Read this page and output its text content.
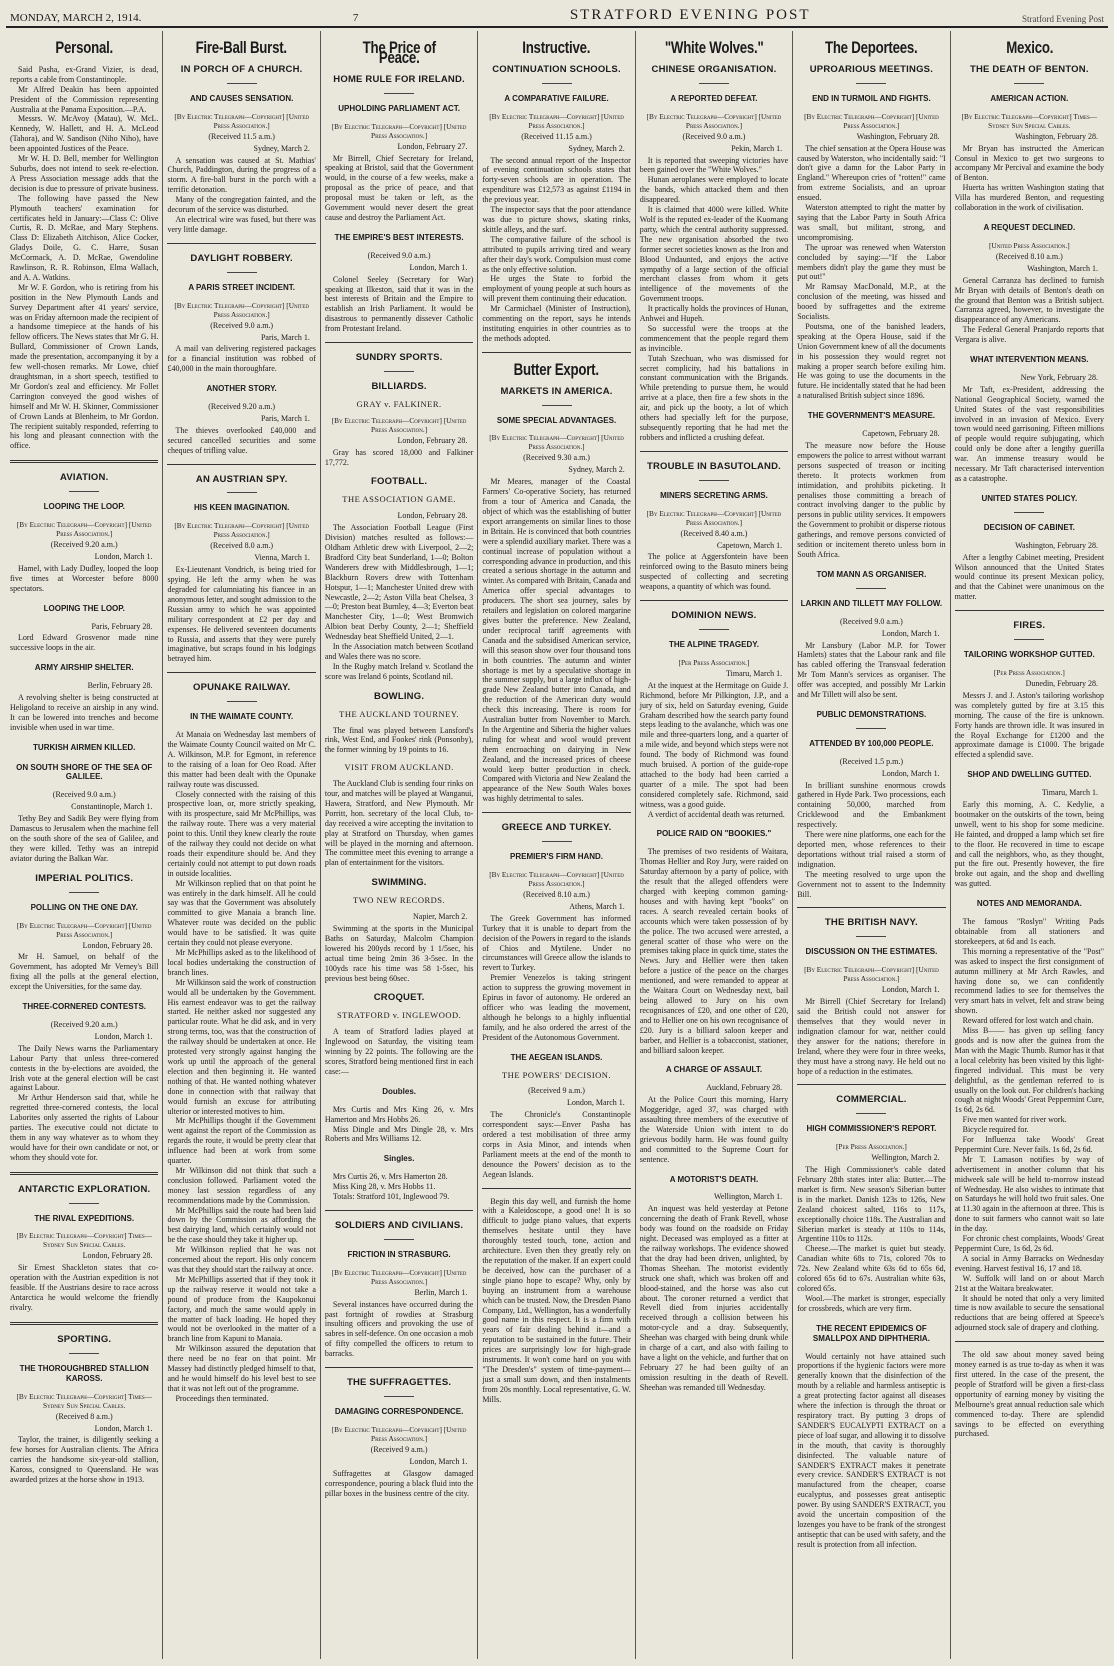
MONDAY, MARCH 2, 1914.	7	STRATFORD EVENING POST	Stratford Evening Post
Personal.

Said Pasha, ex-Grand Vizier, is dead, reports a cable from Constantinople.

Mr Alfred Deakin has been appointed President of the Commission representing Australia at the Panama Exposition.—P.A.

Messrs. W. McAvoy (Matau), W. McL. Kennedy, W. Hallett, and H. A. McLeod (Tahora), and W. Sandison (Niho Niho), have been appointed Justices of the Peace.

Mr W. H. D. Bell, member for Wellington Suburbs, does not intend to seek re-election. A Press Association message adds that the decision is due to pressure of private business.

The following have passed the New Plymouth teachers' examination for certificates held in January:—Class C: Olive Curtis, R. D. McRae, and Mary Stephens. Class D: Elizabeth Aitchison, Alice Cocker, Gladys Doile, G. C. Harre, Susan McCormack, A. D. McRae, Gwendoline Rawlinson, R. R. Robinson, Elma Wallach, and A. A. Watkins.

Mr W. F. Gordon, who is retiring from his position in the New Plymouth Lands and Survey Department after 41 years' service, was on Friday afternoon made the recipient of a handsome timepiece at the hands of his fellow officers. The News states that Mr G. H. Bullard, Commissioner of Crown Lands, made the presentation, accompanying it by a few well-chosen remarks. Mr Lowe, chief draughtsman, in a short speech, testified to Mr Gordon's zeal and efficiency. Mr Follet Carrington conveyed the good wishes of himself and Mr W. H. Skinner, Commissioner of Crown Lands at Blenheim, to Mr Gordon. The recipient suitably responded, referring to his long and pleasant connection with the office.

AVIATION.
LOOPING THE LOOP.
[By Electric Telegraph—Copyright] [United Press Association.]
(Received 9.20 a.m.)
London, March 1.

Hamel, with Lady Dudley, looped the loop five times at Worcester before 8000 spectators.

LOOPING THE LOOP.
Paris, February 28.

Lord Edward Grosvenor made nine successive loops in the air.

ARMY AIRSHIP SHELTER.
Berlin, February 28.

A revolving shelter is being constructed at Heligoland to receive an airship in any wind. It can be lowered into trenches and become invisible when used in war time.

TURKISH AIRMEN KILLED.
ON SOUTH SHORE OF THE SEA OF GALILEE.
(Received 9.0 a.m.)
Constantinople, March 1.

Tethy Bey and Sadik Bey were flying from Damascus to Jerusalem when the machine fell on the south shore of the sea of Galilee, and they were killed. Tethy was an intrepid aviator during the Balkan War.

IMPERIAL POLITICS.
POLLING ON THE ONE DAY.
[By Electric Telegraph—Copyright] [United Press Association.]
London, February 28.

Mr H. Samuel, on behalf of the Government, has adopted Mr Verney's Bill fixing all the polls at the general election, except the Universities, for the same day.

THREE-CORNERED CONTESTS.
(Received 9.20 a.m.)
London, March 1.

The Daily News warns the Parliamentary Labour Party that unless three-cornered contests in the by-elections are avoided, the Irish vote at the general election will be cast against Labour.

Mr Arthur Henderson said that, while he regretted three-cornered contests, the local Laborites only asserted the rights of Labour parties. The executive could not dictate to them in any way whatever as to whom they would have for their own candidate or not, or whom they should vote for.

ANTARCTIC EXPLORATION.
THE RIVAL EXPEDITIONS.
[By Electric Telegraph—Copyright] Times—Sydney Sun Special Cables.
London, February 28.

Sir Ernest Shackleton states that co-operation with the Austrian expedition is not feasible. If the Austrians desire to race across Antarctica he would welcome the friendly rivalry.

SPORTING.
THE THOROUGHBRED STALLION KAROSS.
[By Electric Telegraph—Copyright] Times—Sydney Sun Special Cables.
(Received 8 a.m.)
London, March 1.

Taylor, the trainer, is diligently seeking a few horses for Australian clients. The Africa carries the handsome six-year-old stallion, Kaross, consigned to Queensland. He was awarded prizes at the horse show in 1913.

Fire-Ball Burst.
IN PORCH OF A CHURCH.
AND CAUSES SENSATION.
[By Electric Telegraph—Copyright] [United Press Association.]
(Received 11.5 a.m.)
Sydney, March 2.

A sensation was caused at St. Mathias' Church, Paddington, during the progress of a storm. A fire-ball burst in the porch with a terrific detonation.

Many of the congregation fainted, and the decorum of the service was disturbed.

An electrical wire was fused, but there was very little damage.

DAYLIGHT ROBBERY.
A PARIS STREET INCIDENT.
[By Electric Telegraph—Copyright] [United Press Association.]
(Received 9.0 a.m.)
Paris, March 1.

A mail van delivering registered packages for a financial institution was robbed of £40,000 in the main thoroughfare.

ANOTHER STORY.
(Received 9.20 a.m.)
Paris, March 1.

The thieves overlooked £40,000 and secured cancelled securities and some cheques of trifling value.

AN AUSTRIAN SPY.
HIS KEEN IMAGINATION.
[By Electric Telegraph—Copyright] [United Press Association.]
(Received 8.0 a.m.)
Vienna, March 1.

Ex-Lieutenant Vondrich, is being tried for spying. He left the army when he was degraded for calumniating his fiancee in an anonymous letter, and sought admission to the Russian army to which he was appointed military correspondent at £2 per day and expenses. He delivered seventeen documents to Russia, and asserts that they were purely imaginative, but scraps found in his lodgings betrayed him.

OPUNAKE RAILWAY.
IN THE WAIMATE COUNTY.

At Manaia on Wednesday last members of the Waimate County Council waited on Mr C. A. Wilkinson, M.P. for Egmont, in reference to the raising of a loan for Oeo Road. After this matter had been dealt with the Opunake railway route was discussed.

Closely connected with the raising of this prospective loan, or, more strictly speaking, with its prospecture, said Mr McPhillips, was the railway route. There was a very material point to this. Until they knew clearly the route of the railway they could not decide on what roads their expenditure should be. And they certainly could not attempt to put down roads in outside localities.

Mr Wilkinson replied that on that point he was entirely in the dark himself. All he could say was that the Government was absolutely committed to give Manaia a branch line. Whatever route was decided on the public would have to be satisfied. It was quite certain they could not please everyone.

Mr McPhillips asked as to the likelihood of local bodies undertaking the construction of branch lines.

Mr Wilkinson said the work of construction would all be undertaken by the Government. His earnest endeavor was to get the railway started. He neither asked nor suggested any particular route. What he did ask, and in very strong terms, too, was that the construction of the railway should be undertaken at once. He protested very strongly against hanging the work up until the approach of the general election and then beginning it. He wanted nothing of that. He wanted nothing whatever done in connection with that railway that would furnish an excuse for attributing ulterior or interested motives to him.

Mr McPhillips thought if the Government went against the report of the Commission as regards the route, it would be pretty clear that influence had been at work from some quarter.

Mr Wilkinson did not think that such a conclusion followed. Parliament voted the money last session regardless of any recommendations made by the Commission.

Mr McPhillips said the route had been laid down by the Commission as affording the best dairying land, which certainly would not be the case should they take it higher up.

Mr Wilkinson replied that he was not concerned about the report. His only concern was that they should start the railway at once.

Mr McPhillips asserted that if they took it up the railway reserve it would not take a pound of produce from the Kaupokonui factory, and much the same would apply in the matter of back loading. He hoped they would not be overlooked in the matter of a branch line from Kapuni to Manaia.

Mr Wilkinson assured the deputation that there need be no fear on that point. Mr Massey had distinctly pledged himself to that, and he would himself do his level best to see that it was not left out of the programme.

Proceedings then terminated.

The Price of Peace.
HOME RULE FOR IRELAND.
UPHOLDING PARLIAMENT ACT.
[By Electric Telegraph—Copyright] [United Press Association.]
London, February 27.

Mr Birrell, Chief Secretary for Ireland, speaking at Bristol, said that the Government would, in the course of a few weeks, make a proposal as the price of peace, and that proposal must be taken or left, as the Government would never desert the great cause and destroy the Parliament Act.

THE EMPIRE'S BEST INTERESTS.
(Received 9.0 a.m.)
London, March 1.

Colonel Seeley (Secretary for War) speaking at Ilkeston, said that it was in the best interests of Britain and the Empire to establish an Irish Parliament. It would be disastrous to permanently dissever Catholic from Protestant Ireland.

SUNDRY SPORTS.
BILLIARDS.
GRAY v. FALKINER.
[By Electric Telegraph—Copyright] [United Press Association.]
London, February 28.

Gray has scored 18,000 and Falkiner 17,772.

FOOTBALL.
THE ASSOCIATION GAME.
London, February 28.

The Association Football League (First Division) matches resulted as follows:—Oldham Athletic drew with Liverpool, 2—2; Bradford City beat Sunderland, 1—0; Bolton Wanderers drew with Middlesbrough, 1—1; Blackburn Rovers drew with Tottenham Hotspur, 1—1; Manchester United drew with Newcastle, 2—2; Aston Villa beat Chelsea, 3—0; Preston beat Burnley, 4—3; Everton beat Manchester City, 1—0; West Bromwich Albion beat Derby County, 2—1; Sheffield Wednesday beat Sheffield United, 2—1.

In the Association match between Scotland and Wales there was no score.

In the Rugby match Ireland v. Scotland the score was Ireland 6 points, Scotland nil.

BOWLING.
THE AUCKLAND TOURNEY.

The final was played between Lansford's rink, West End, and Fookes' rink (Ponsonby), the former winning by 19 points to 16.

VISIT FROM AUCKLAND.

The Auckland Club is sending four rinks on tour, and matches will be played at Wanganui, Hawera, Stratford, and New Plymouth. Mr Porritt, hon. secretary of the local Club, to-day received a wire accepting the invitation to play at Stratford on Thursday, when games will be played in the morning and afternoon. The committee meet this evening to arrange a plan of entertainment for the visitors.

SWIMMING.
TWO NEW RECORDS.
Napier, March 2.

Swimming at the sports in the Municipal Baths on Saturday, Malcolm Champion lowered his 200yds record by 1 1/5sec, his actual time being 2min 36 3-5sec. In the 100yds race his time was 58 1-5sec, his previous best being 60sec.

CROQUET.
STRATFORD v. INGLEWOOD.

A team of Stratford ladies played at Inglewood on Saturday, the visiting team winning by 22 points. The following are the scores, Stratford being mentioned first in each case:—

Doubles.

Mrs Curtis and Mrs King 26, v. Mrs Hamerton and Mrs Hobbs 26.

Miss Dingle and Mrs Dingle 28, v. Mrs Roberts and Mrs Williams 12.

Singles.

Mrs Curtis 26, v. Mrs Hamerton 28.

Miss King 28, v. Mrs Hobbs 11.

Totals: Stratford 101, Inglewood 79.

SOLDIERS AND CIVILIANS.
FRICTION IN STRASBURG.
[By Electric Telegraph—Copyright] [United Press Association.]
Berlin, March 1.

Several instances have occurred during the past fortnight of rowdies at Strasburg insulting officers and provoking the use of sabres in self-defence. On one occasion a mob of fifty compelled the officers to return to barracks.

THE SUFFRAGETTES.
DAMAGING CORRESPONDENCE.
[By Electric Telegraph—Copyright] [United Press Association.]
(Received 9 a.m.)
London, March 1.

Suffragettes at Glasgow damaged correspondence, pouring a black fluid into the pillar boxes in the business centre of the city.

Instructive.
CONTINUATION SCHOOLS.
A COMPARATIVE FAILURE.
[By Electric Telegraph—Copyright] [United Press Association.]
(Received 11.15 a.m.)
Sydney, March 2.

The second annual report of the Inspector of evening continuation schools states that forty-seven schools are in operation. The expenditure was £12,573 as against £1194 in the previous year.

The inspector says that the poor attendance was due to picture shows, skating rinks, skittle alleys, and the surf.

The comparative failure of the school is attributed to pupils arriving tired and weary after their day's work. Compulsion must come as the only effective solution.

He urges the State to forbid the employment of young people at such hours as will prevent them continuing their education.

Mr Carmichael (Minister of Instruction), commenting on the report, says he intends instituting enquiries in other countries as to the methods adopted.

Butter Export.
MARKETS IN AMERICA.
SOME SPECIAL ADVANTAGES.
[By Electric Telegraph—Copyright] [United Press Association.]
(Received 9.30 a.m.)
Sydney, March 2.

Mr Meares, manager of the Coastal Farmers' Co-operative Society, has returned from a tour of America and Canada, the object of which was the establishing of butter export arrangements on similar lines to those in Britain. He is convinced that both countries were a splendid auxiliary market. There was a continual increase of population without a corresponding advance in production, and this created a serious shortage in the autumn and winter. As compared with Britain, Canada and America offer special advantages to producers. The short sea journey, sales by retailers and legislation on colored margarine gives butter the preference. New Zealand, under reciprocal tariff agreements with Canada and the subsidised American service, will this season show over four thousand tons in both countries. The autumn and winter shortage is met by a speculative shortage in the summer supply, but a large influx of high-grade New Zealand butter into Canada, and the reduction of the American duty would check this increasing. There is room for Australian butter from November to March. In the Argentine and Siberia the higher values ruling for wheat and wool would prevent them encroaching on dairying in New Zealand, and the increased prices of cheese would keep butter production in check. Compared with Victoria and New Zealand the appearance of the New South Wales boxes was highly detrimental to sales.

GREECE AND TURKEY.
PREMIER'S FIRM HAND.
[By Electric Telegraph—Copyright] [United Press Association.]
(Received 8.10 a.m.)
Athens, March 1.

The Greek Government has informed Turkey that it is unable to depart from the decision of the Powers in regard to the islands of Chios and Mytilene. Under no circumstances will Greece allow the islands to revert to Turkey.

Premier Venezelos is taking stringent action to suppress the growing movement in Epirus in favor of autonomy. He ordered an officer who was leading the movement, although he belongs to a highly influential family, and he also ordered the arrest of the President of the Autonomous Government.

THE AEGEAN ISLANDS.
THE POWERS' DECISION.
(Received 9 a.m.)
London, March 1.

The Chronicle's Constantinople correspondent says:—Enver Pasha has ordered a test mobilisation of three army corps in Asia Minor, and intends when Parliament meets at the end of the month to denounce the Powers' decision as to the Aegean Islands.

Begin this day well, and furnish the home with a Kaleidoscope, a good one! It is so difficult to judge piano values, that experts themselves hesitate until they have thoroughly tested touch, tone, action and architecture. Even then they greatly rely on the reputation of the maker. If an expert could be deceived, how can the purchaser of a single piano hope to escape? Why, only by buying an instrument from a warehouse which can be trusted. Now, the Dresden Piano Company, Ltd., Wellington, has a wonderfully good name in this respect. It is a firm with years of fair dealing behind it—and a reputation to be sustained in the future. Their prices are surprisingly low for high-grade instruments. It won't come hard on you with "The Dresden's" system of time-payment—just a small sum down, and then instalments from 20s monthly. Local representative, G. W. Mills.

"White Wolves."
CHINESE ORGANISATION.
A REPORTED DEFEAT.
[By Electric Telegraph—Copyright] [United Press Association.]
(Received 9.0 a.m.)
Pekin, March 1.

It is reported that sweeping victories have been gained over the "White Wolves."

Hunan aeroplanes were employed to locate the bands, which attacked them and then disappeared.

It is claimed that 4000 were killed. White Wolf is the reputed ex-leader of the Kuomang party, which the central authority suppressed. The new organisation absorbed the two former secret societies known as the Iron and Blood Undaunted, and enjoys the active sympathy of a large section of the official merchant classes from whom it gets intelligence of the movements of the Government troops.

It practically holds the provinces of Hunan, Anhwei and Hupeh.

So successful were the troops at the commencement that the people regard them as invincible.

Tutah Szechuan, who was dismissed for secret complicity, had his battalions in constant communication with the Brigands. While pretending to pursue them, he would arrive at a place, then fire a few shots in the air, and pick up the booty, a lot of which others had specially left for the purpose, subsequently reporting that he had met the robbers and inflicted a crushing defeat.

TROUBLE IN BASUTOLAND.
MINERS SECRETING ARMS.
[By Electric Telegraph—Copyright] [United Press Association.]
(Received 8.40 a.m.)
Capetown, March 1.

The police at Aggersfontein have been reinforced owing to the Basuto miners being suspected of collecting and secreting weapons, a quantity of which was found.

DOMINION NEWS.
THE ALPINE TRAGEDY.
[Per Press Association.]
Timaru, March 1.

At the inquest at the Hermitage on Guide J. Richmond, before Mr Pilkington, J.P., and a jury of six, held on Saturday evening, Guide Graham described how the search party found steps leading to the avalanche, which was one mile and three-quarters long, and a quarter of a mile wide, and beyond which steps were not found. The body of Richmond was found much bruised. A portion of the guide-rope attached to the body had been carried a quarter of a mile. The spot had been considered completely safe. Richmond, said witness, was a good guide.

A verdict of accidental death was returned.

POLICE RAID ON "BOOKIES."

The premises of two residents of Waitara, Thomas Hellier and Roy Jury, were raided on Saturday afternoon by a party of police, with the result that the alleged offenders were charged with keeping common gaming-houses and with having kept "books" on races. A search revealed certain books of accounts which were taken possession of by the police. The two accused were arrested, a general scatter of those who were on the premises taking place in quick time, states the News. Jury and Hellier were then taken before a justice of the peace on the charges mentioned, and were remanded to appear at the Waitara Court on Wednesday next, bail being allowed to Jury on his own recognisances of £20, and one other of £20, and to Hellier one on his own recognisance of £20. Jury is a billiard saloon keeper and barber, and Hellier is a tobacconist, stationer, and billiard saloon keeper.

A CHARGE OF ASSAULT.
Auckland, February 28.

At the Police Court this morning, Harry Moggeridge, aged 37, was charged with assaulting three members of the executive of the Waterside Union with intent to do grievous bodily harm. He was found guilty and committed to the Supreme Court for sentence.

A MOTORIST'S DEATH.
Wellington, March 1.

An inquest was held yesterday at Petone concerning the death of Frank Revell, whose body was found on the roadside on Friday night. Deceased was employed as a fitter at the railway workshops. The evidence showed that the dray had been driven, unlighted, by Thomas Sheehan. The motorist evidently struck one shaft, which was broken off and blood-stained, and the horse was also cut about. The coroner returned a verdict that Revell died from injuries accidentally received through a collision between his motor-cycle and a dray. Subsequently, Sheehan was charged with being drunk while in charge of a cart, and also with failing to have a light on the vehicle, and further that on February 27 he had been guilty of an omission resulting in the death of Revell. Sheehan was remanded till Wednesday.

The Deportees.
UPROARIOUS MEETINGS.
END IN TURMOIL AND FIGHTS.
[By Electric Telegraph—Copyright] [United Press Association.]
Washington, February 28.

The chief sensation at the Opera House was caused by Waterston, who incidentally said: "I don't give a damn for the Labor Party in England." Whereupon cries of "rotten!" came from extreme Socialists, and an uproar ensued.

Waterston attempted to right the matter by saying that the Labor Party in South Africa was small, but militant, strong, and uncompromising.

The uproar was renewed when Waterston concluded by saying:—"If the Labor members didn't play the game they must be put out!"

Mr Ramsay MacDonald, M.P., at the conclusion of the meeting, was hissed and booed by suffragettes and the extreme Socialists.

Poutsma, one of the banished leaders, speaking at the Opera House, said if the Union Government knew of all the documents in his possession they would regret not making a proper search before exiling him. He was going to use the documents in the future. He incidentally stated that he had been a naturalised British subject since 1896.

THE GOVERNMENT'S MEASURE.
Capetown, February 28.

The measure now before the House empowers the police to arrest without warrant persons suspected of treason or inciting thereto. It protects workmen from intimidation, and prohibits picketing. It penalises those committing a breach of contract involving danger to the public by persons in public utility services. It empowers the Government to prohibit or disperse riotous gatherings, and remove persons convicted of sedition or incitement thereto unless born in South Africa.

TOM MANN AS ORGANISER.
LARKIN AND TILLETT MAY FOLLOW.
(Received 9.0 a.m.)
London, March 1.

Mr Lansbury (Labor M.P. for Tower Hamlets) states that the Labour rank and file has cabled offering the Transvaal federation Mr Tom Mann's services as organiser. The offer was accepted, and possibly Mr Larkin and Mr Tillett will also be sent.

PUBLIC DEMONSTRATIONS.
ATTENDED BY 100,000 PEOPLE.
(Received 1.5 p.m.)
London, March 1.

In brilliant sunshine enormous crowds gathered in Hyde Park. Two processions, each containing 50,000, marched from Cricklewood and the Embankment respectively.

There were nine platforms, one each for the deported men, whose references to their deportations without trial raised a storm of indignation.

The meeting resolved to urge upon the Government not to assent to the Indemnity Bill.

THE BRITISH NAVY.
DISCUSSION ON THE ESTIMATES.
[By Electric Telegraph—Copyright] [United Press Association.]
London, March 1.

Mr Birrell (Chief Secretary for Ireland) said the British could not answer for themselves that they would never in indignation clamour for war, neither could they answer for the nations; therefore in Ireland, where they were four in three weeks, they must have a strong navy. He held out no hope of a reduction in the estimates.

COMMERCIAL.
HIGH COMMISSIONER'S REPORT.
[Per Press Association.]
Wellington, March 2.

The High Commissioner's cable dated February 28th states inter alia: Butter.—The market is firm. New season's Siberian butter is in the market. Danish 123s to 126s, New Zealand choicest salted, 116s to 117s, exceptionally choice 118s. The Australian and Siberian market is steady at 110s to 114s, Argentine 110s to 112s.

Cheese.—The market is quiet but steady. Canadian white 68s to 71s, colored 70s to 72s. New Zealand white 63s 6d to 65s 6d, colored 65s 6d to 67s. Australian white 63s, colored 65s.

Wool.—The market is stronger, especially for crossbreds, which are very firm.

THE RECENT EPIDEMICS OF SMALLPOX AND DIPHTHERIA.

Would certainly not have attained such proportions if the hygienic factors were more generally known that the disinfection of the mouth by a reliable and harmless antiseptic is a great protecting factor against all diseases where the infection is through the throat or respiratory tract. By putting 3 drops of SANDER'S EUCALYPTI EXTRACT on a piece of loaf sugar, and allowing it to dissolve in the mouth, that cavity is thoroughly disinfected. The valuable nature of SANDER'S EXTRACT makes it penetrate every crevice. SANDER'S EXTRACT is not manufactured from the cheaper, coarse eucalyptus, and possesses great antiseptic power. By using SANDER'S EXTRACT, you avoid the uncertain composition of the lozenges you have to be frank of the strongest antiseptic that can be used with safety, and the result is protection from all infection.

Mexico.
THE DEATH OF BENTON.
AMERICAN ACTION.
[By Electric Telegraph—Copyright] Times—Sydney Sun Special Cables.
Washington, February 28.

Mr Bryan has instructed the American Consul in Mexico to get two surgeons to accompany Mr Percival and examine the body of Benton.

Huerta has written Washington stating that Villa has murdered Benton, and requesting collaboration in the work of civilisation.

A REQUEST DECLINED.
[United Press Association.]
(Received 8.10 a.m.)
Washington, March 1.

General Carranza has declined to furnish Mr Bryan with details of Benton's death on the ground that Benton was a British subject. Carranza agreed, however, to investigate the disappearance of any Americans.

The Federal General Pranjardo reports that Vergara is alive.

WHAT INTERVENTION MEANS.
New York, February 28.

Mr Taft, ex-President, addressing the National Geographical Society, warned the United States of the vast responsibilities involved in an invasion of Mexico. Every town would need garrisoning. Fifteen millions of people would require subjugating, which could only be done after a lengthy guerilla war. An immense treasury would be necessary. Mr Taft characterised intervention as a catastrophe.

UNITED STATES POLICY.
DECISION OF CABINET.
Washington, February 28.

After a lengthy Cabinet meeting, President Wilson announced that the United States would continue its present Mexican policy, and that the Cabinet were unanimous on the matter.

FIRES.
TAILORING WORKSHOP GUTTED.
[Per Press Association.]
Dunedin, February 28.

Messrs J. and J. Aston's tailoring workshop was completely gutted by fire at 3.15 this morning. The cause of the fire is unknown. Forty hands are thrown idle. It was insured in the Royal Exchange for £1200 and the approximate damage is £1000. The brigade effected a splendid save.

SHOP AND DWELLING GUTTED.
Timaru, March 1.

Early this morning, A. C. Kedylie, a bootmaker on the outskirts of the town, being unwell, went to his shop for some medicine. He fainted, and dropped a lamp which set fire to the floor. He recovered in time to escape and call the neighbors, who, as they thought, put the fire out. Presently however, the fire broke out again, and the shop and dwelling was gutted.

NOTES AND MEMORANDA.

The famous "Roslyn" Writing Pads obtainable from all stationers and storekeepers, at 6d and 1s each.

This morning a representative of the "Post" was asked to inspect the first consignment of autumn millinery at Mr Arch Rawles, and having done so, we can confidently recommend ladies to see for themselves the very smart hats in velvet, felt and straw being shown.

Reward offered for lost watch and chain.

Miss B—— has given up selling fancy goods and is now after the guinea from the Man with the Magic Thumb. Rumor has it that a local celebrity has been visited by this light-fingered individual. This must be very delightful, as the gentleman referred to is usually on the look out. For children's hacking cough at night Woods' Great Peppermint Cure, 1s 6d, 2s 6d.

Five men wanted for river work.

Bicycle required for.

For Influenza take Woods' Great Peppermint Cure. Never fails. 1s 6d, 2s 6d.

Mr T. Lamason notifies by way of advertisement in another column that his midweek sale will be held to-morrow instead of Wednesday. He also wishes to intimate that on Saturdays he will hold two fruit sales. One at 11.30 again in the afternoon at three. This is done to suit farmers who cannot wait so late in the day.

For chronic chest complaints, Woods' Great Peppermint Cure, 1s 6d, 2s 6d.

A social in Army Barracks on Wednesday evening. Harvest festival 16, 17 and 18.

W. Suffolk will land on or about March 21st at the Waitara breakwater.

It should be noted that only a very limited time is now available to secure the sensational reductions that are being offered at Speece's adjourned stock sale of drapery and clothing.

The old saw about money saved being money earned is as true to-day as when it was first uttered. In the case of the present, the people of Stratford will be given a first-class opportunity of earning money by visiting the Melbourne's great annual reduction sale which commenced to-day. There are splendid savings to be effected on everything purchased.
